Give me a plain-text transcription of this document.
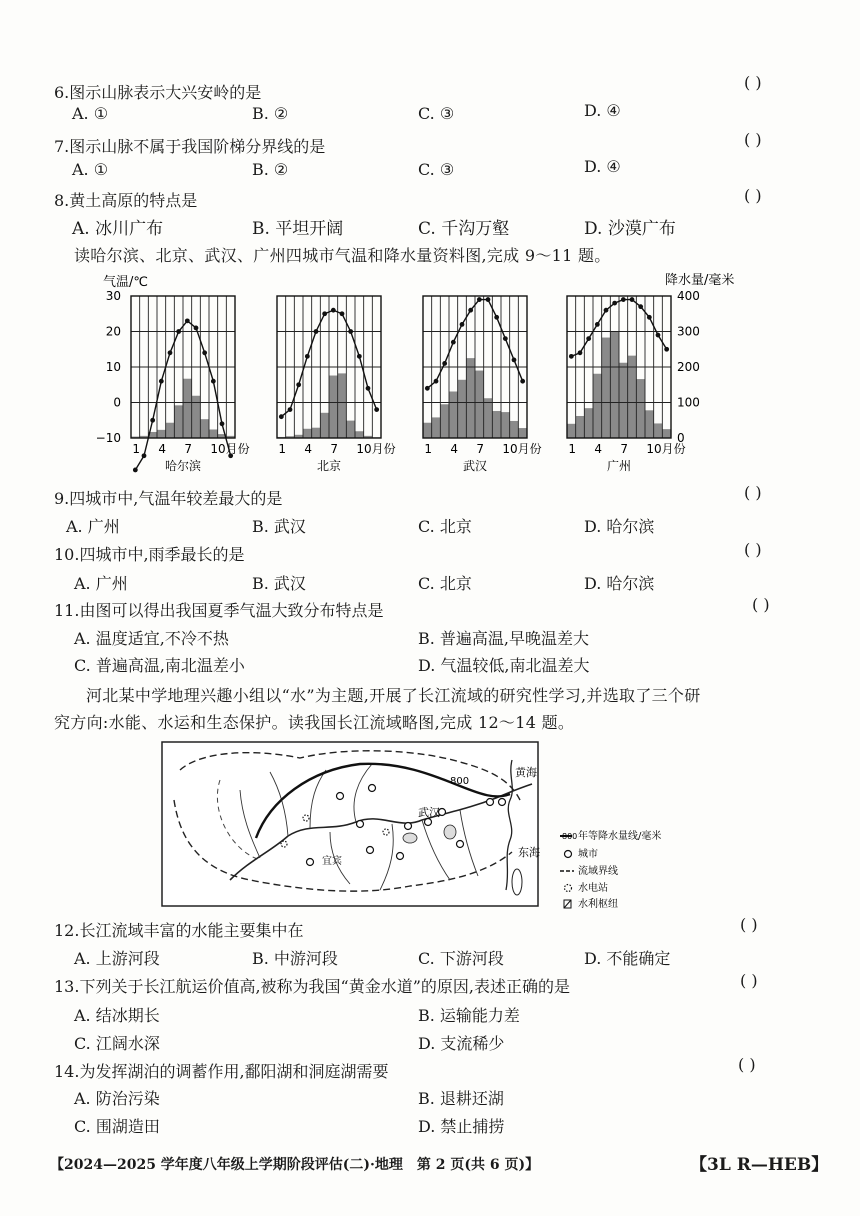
6.图示山脉表示大兴安岭的是
( )
A. ①	B. ②	C. ③	D. ④
7.图示山脉不属于我国阶梯分界线的是	( )
A. ①	B. ②	C. ③	D. ④
8.黄土高原的特点是	( )
A. 冰川广布	B. 平坦开阔	C. 千沟万壑	D. 沙漠广布
读哈尔滨、北京、武汉、广州四城市气温和降水量资料图,完成 9～11 题。
气温/℃	降水量/毫米
30
20
10
0
−10
400
300
200
100
0
1 4 7 10月份
哈尔滨
1 4 7 10月份
北京
1 4 7 10月份
武汉
1 4 7 10月份
广州
9.四城市中,气温年较差最大的是	( )
A. 广州	B. 武汉	C. 北京	D. 哈尔滨
10.四城市中,雨季最长的是	( )
A. 广州	B. 武汉	C. 北京	D. 哈尔滨
11.由图可以得出我国夏季气温大致分布特点是	( )
A. 温度适宜,不冷不热	B. 普遍高温,早晚温差大
C. 普遍高温,南北温差小	D. 气温较低,南北温差大
河北某中学地理兴趣小组以“水”为主题,开展了长江流域的研究性学习,并选取了三个研
究方向:水能、水运和生态保护。读我国长江流域略图,完成 12～14 题。
800
武汉
宜宾
黄海
东海
800 年等降水量线/毫米
城市
流域界线
水电站
水利枢纽
12.长江流域丰富的水能主要集中在	( )
A. 上游河段	B. 中游河段	C. 下游河段	D. 不能确定
13.下列关于长江航运价值高,被称为我国“黄金水道”的原因,表述正确的是	( )
A. 结冰期长	B. 运输能力差
C. 江阔水深	D. 支流稀少
14.为发挥湖泊的调蓄作用,鄱阳湖和洞庭湖需要	( )
A. 防治污染	B. 退耕还湖
C. 围湖造田	D. 禁止捕捞
【2024—2025 学年度八年级上学期阶段评估(二)·地理　第 2 页(共 6 页)】	【3L R—HEB】
